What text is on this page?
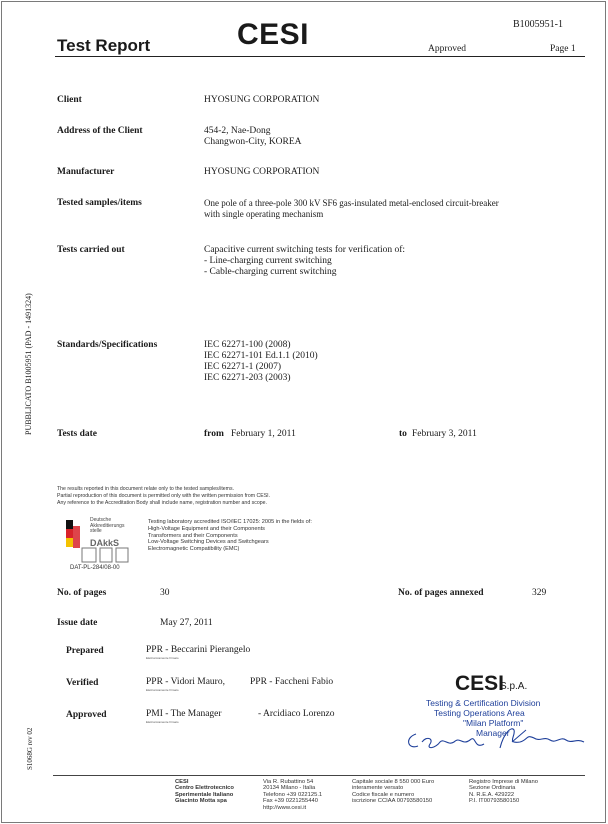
Test Report	CESI	B1005951-1
Approved	Page 1
PUBBLICATO B1005951 (PAD - 1491324)
S1068G rev 02
Client	HYOSUNG CORPORATION
Address of the Client	454-2, Nae-Dong
Changwon-City, KOREA
Manufacturer	HYOSUNG CORPORATION
Tested samples/items	One pole of a three-pole 300 kV SF6 gas-insulated metal-enclosed circuit-breaker
with single operating mechanism
Tests carried out	Capacitive current switching tests for verification of:
- Line-charging current switching
- Cable-charging current switching
Standards/Specifications	IEC 62271-100 (2008)
IEC 62271-101 Ed.1.1 (2010)
IEC 62271-1 (2007)
IEC 62271-203 (2003)
Tests date	from February 1, 2011	to February 3, 2011
The results reported in this document relate only to the tested samples/items.
Partial reproduction of this document is permitted only with the written permission from CESI.
Any reference to the Accreditation Body shall include name, registration number and scope.
Deutsche
Akkreditierungs
stelle
DAkkS
DAT-PL-284/08-00
Testing laboratory accredited ISO/IEC 17025: 2005 in the fields of:
High-Voltage Equipment and their Components
Transformers and their Components
Low-Voltage Switching Devices and Switchgears
Electromagnetic Compatibility (EMC)
No. of pages	30	No. of pages annexed	329
Issue date	May 27, 2011
Prepared	PPR - Beccarini Pierangelo
Elettronicamente firmato
Verified	PPR - Vidori Mauro,	PPR - Faccheni Fabio
Elettronicamente firmato
Approved	PMI - The Manager	- Arcidiaco Lorenzo
Elettronicamente firmato
CESI
S.p.A.
Testing & Certification Division
Testing Operations Area
"Milan Platform"
Manager
CESI
Centro Elettrotecnico
Sperimentale Italiano
Giacinto Motta spa
Via R. Rubattino 54
20134 Milano - Italia
Telefono +39 022125.1
Fax +39 0221255440
http://www.cesi.it
Capitale sociale 8 550 000 Euro
interamente versato
Codice fiscale e numero
iscrizione CCIAA 00793580150
Registro Imprese di Milano
Sezione Ordinaria
N. R.E.A. 429222
P.I. IT00793580150
